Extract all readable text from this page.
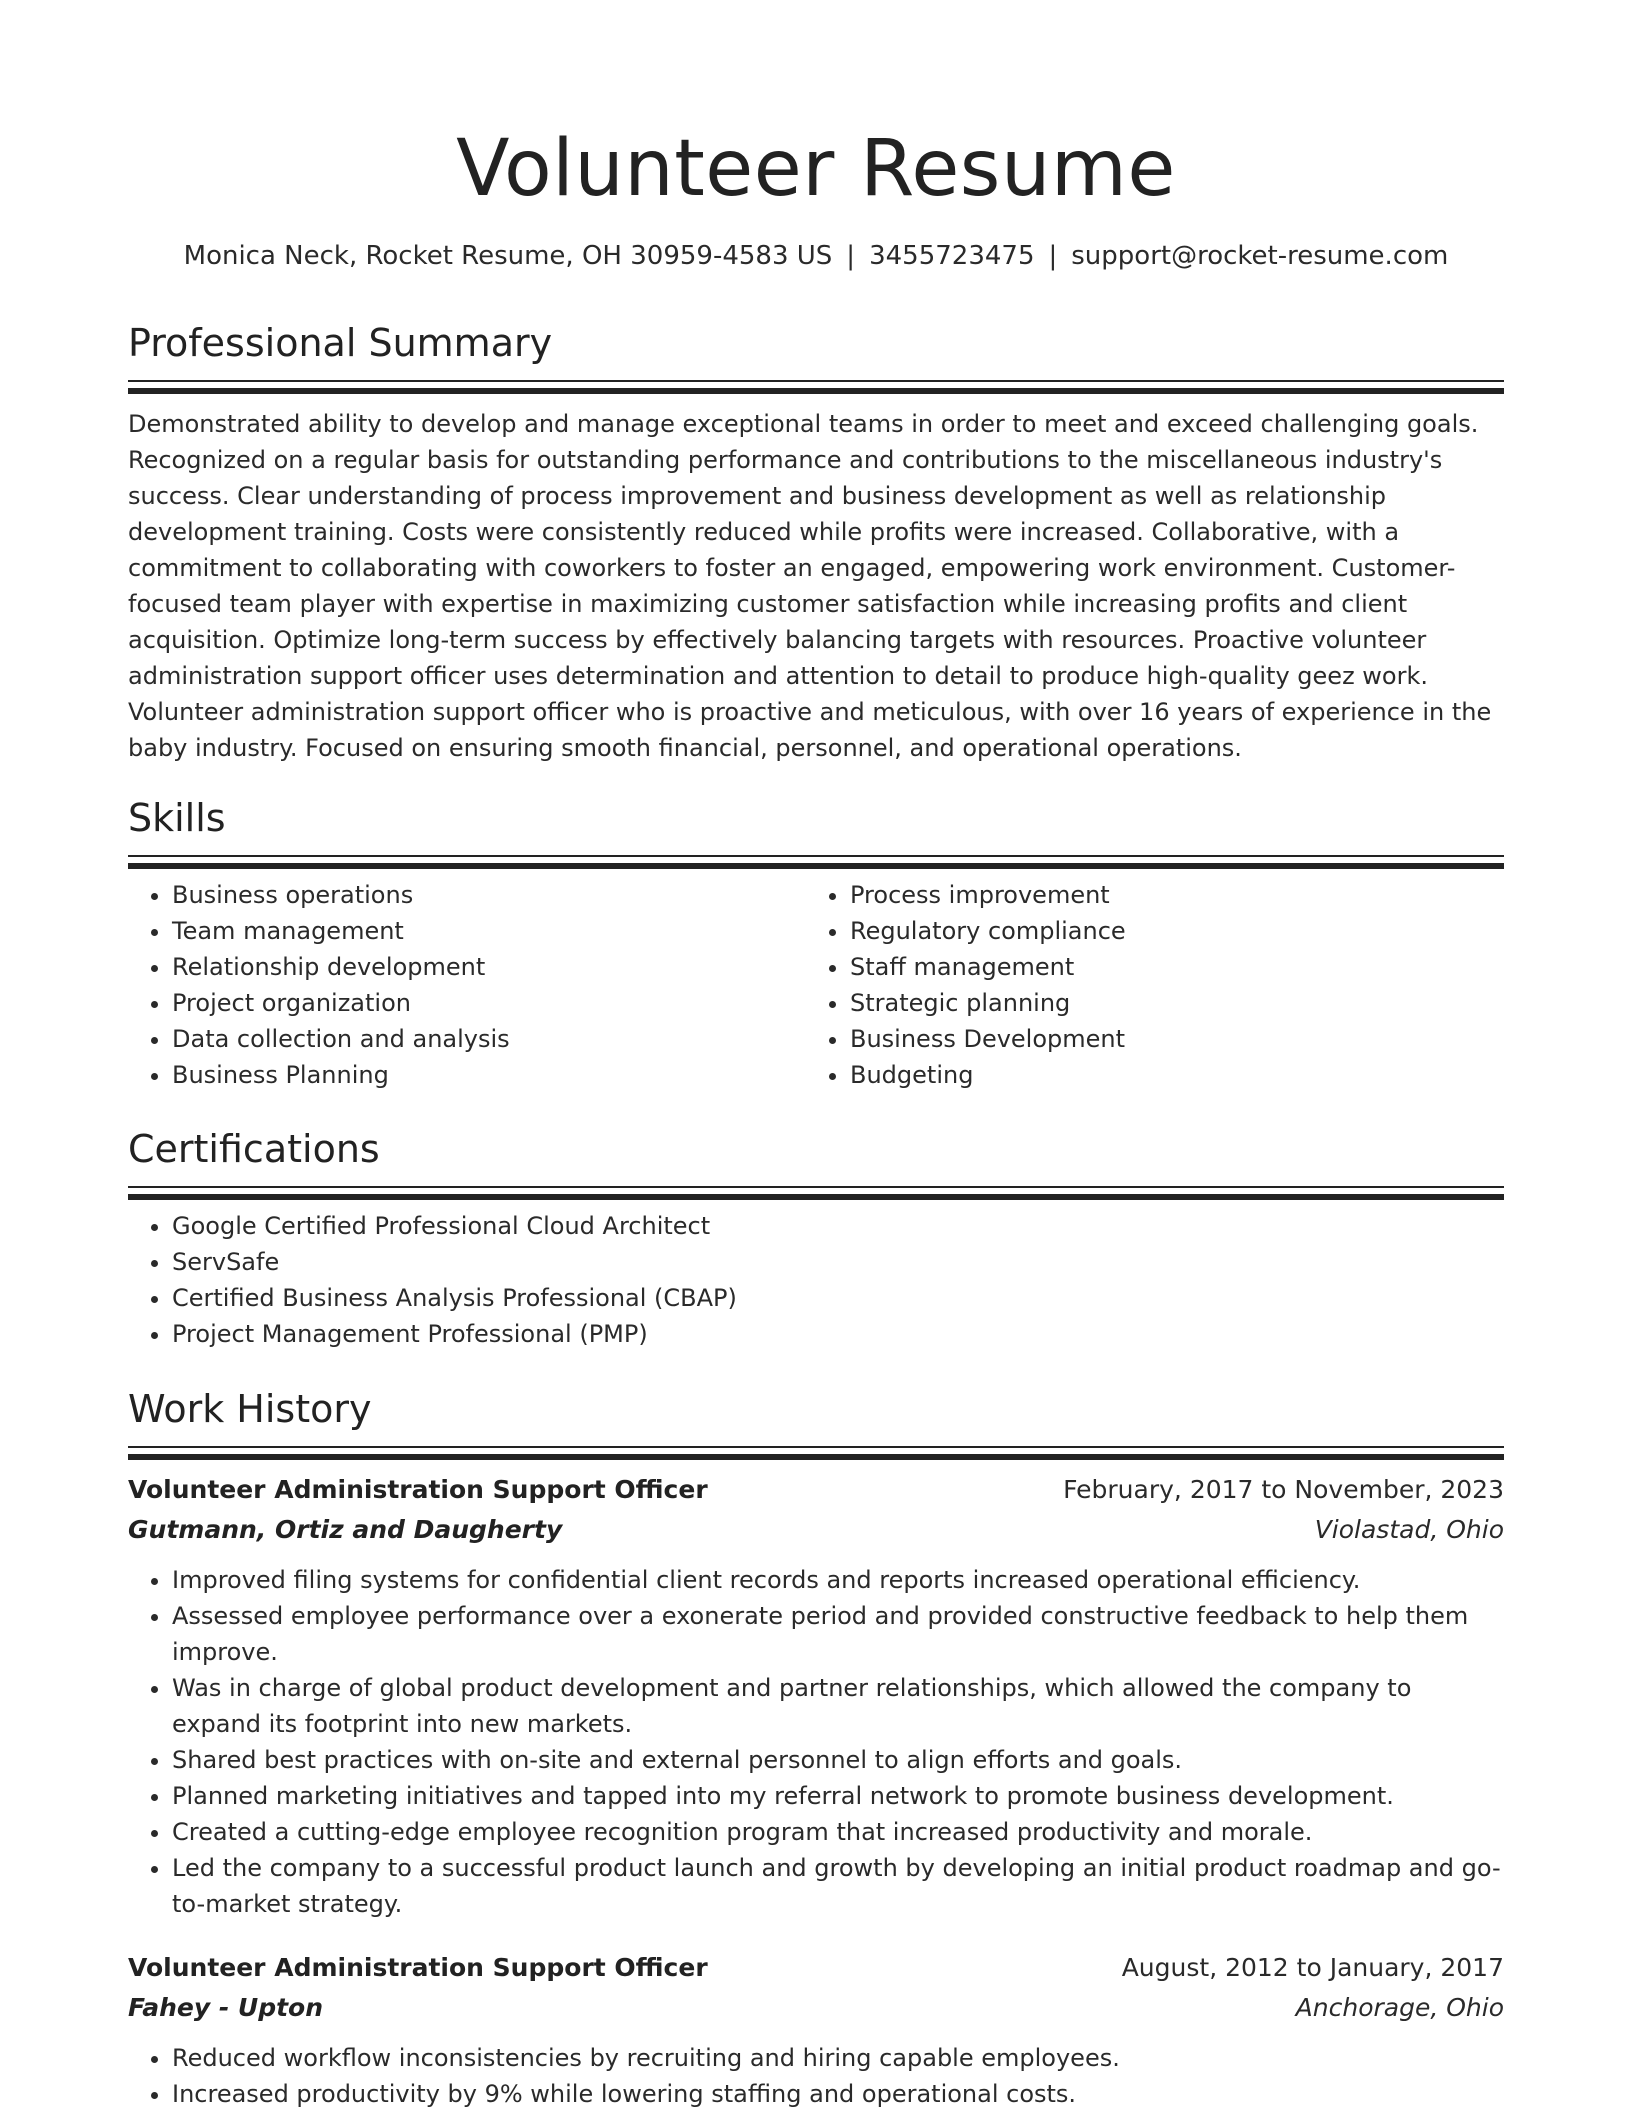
Volunteer Resume
Monica Neck, Rocket Resume, OH 30959-4583 US | 3455723475 | support@rocket-resume.com
Professional Summary

Demonstrated ability to develop and manage exceptional teams in order to meet and exceed challenging goals. Recognized on a regular basis for outstanding performance and contributions to the miscellaneous industry's success. Clear understanding of process improvement and business development as well as relationship development training. Costs were consistently reduced while profits were increased. Collaborative, with a commitment to collaborating with coworkers to foster an engaged, empowering work environment. Customer-focused team player with expertise in maximizing customer satisfaction while increasing profits and client acquisition. Optimize long-term success by effectively balancing targets with resources. Proactive volunteer administration support officer uses determination and attention to detail to produce high-quality geez work. Volunteer administration support officer who is proactive and meticulous, with over 16 years of experience in the baby industry. Focused on ensuring smooth financial, personnel, and operational operations.

Skills
• Business operations
• Team management
• Relationship development
• Project organization
• Data collection and analysis
• Business Planning
• Process improvement
• Regulatory compliance
• Staff management
• Strategic planning
• Business Development
• Budgeting
Certifications
• Google Certified Professional Cloud Architect
• ServSafe
• Certified Business Analysis Professional (CBAP)
• Project Management Professional (PMP)
Work History
Volunteer Administration Support Officer	February, 2017 to November, 2023
Gutmann, Ortiz and Daugherty	Violastad, Ohio
• Improved filing systems for confidential client records and reports increased operational efficiency.
• Assessed employee performance over a exonerate period and provided constructive feedback to help them improve.
• Was in charge of global product development and partner relationships, which allowed the company to expand its footprint into new markets.
• Shared best practices with on-site and external personnel to align efforts and goals.
• Planned marketing initiatives and tapped into my referral network to promote business development.
• Created a cutting-edge employee recognition program that increased productivity and morale.
• Led the company to a successful product launch and growth by developing an initial product roadmap and go-to-market strategy.
Volunteer Administration Support Officer	August, 2012 to January, 2017
Fahey - Upton	Anchorage, Ohio
• Reduced workflow inconsistencies by recruiting and hiring capable employees.
• Increased productivity by 9% while lowering staffing and operational costs.
